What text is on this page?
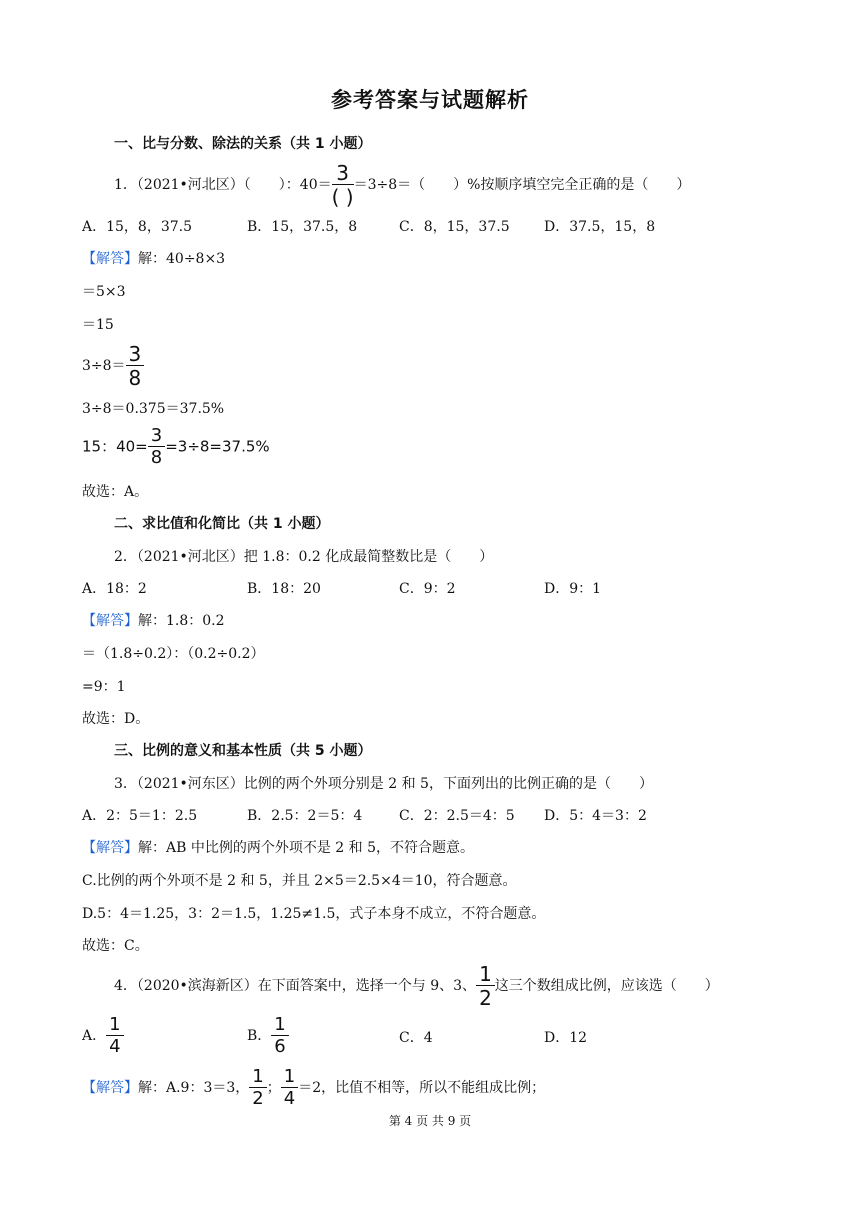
参考答案与试题解析
一、比与分数、除法的关系（共 1 小题）
1．（2021•河北区）（　　）：$40= \frac{3}{( )} =3\div 8=$（　　）%按顺序填空完全正确的是（　　）
A．15，8，37.5	B．15，37.5，8	C．8，15，37.5 D．37.5，15，8
【解答】解：40÷8×3
＝5×3
＝15
$3\div 8= \frac{3}{8}$
3÷8＝0.375＝37.5%
15：$40= \frac{3}{8} =3\div 8=37.5\%$
故选：A。
二、求比值和化简比（共 1 小题）
2．（2021•河北区）把 1.8：0.2 化成最简整数比是（　　）
A．18：2	B．18：20	C．9：2	D．9：1
【解答】解：1.8：0.2
＝（1.8÷0.2）：（0.2÷0.2）
=9：1
故选：D。
三、比例的意义和基本性质（共 5 小题）
3．（2021•河东区）比例的两个外项分别是 2 和 5，下面列出的比例正确的是（　　）
A．2：5＝1：2.5	B．2.5：2＝5：4	C．2：2.5＝4：5 D．5：4＝3：2
【解答】解：AB 中比例的两个外项不是 2 和 5，不符合题意。
C.比例的两个外项不是 2 和 5，并且 2×5＝2.5×4＝10，符合题意。
D.5：4＝1.25，3：2＝1.5，1.25≠1.5，式子本身不成立，不符合题意。
故选：C。
4．（2020•滨海新区）在下面答案中，选择一个与 9、3、 $\frac{1}{2}$ 这三个数组成比例，应该选（　　）
A． $\frac{1}{4}$	B． $\frac{1}{6}$	C．4	D．12
【解答】解：A.9：3＝3， $\frac{1}{2}$ ； $\frac{1}{4} =2$，比值不相等，所以不能组成比例；
第 4 页 共 9 页
